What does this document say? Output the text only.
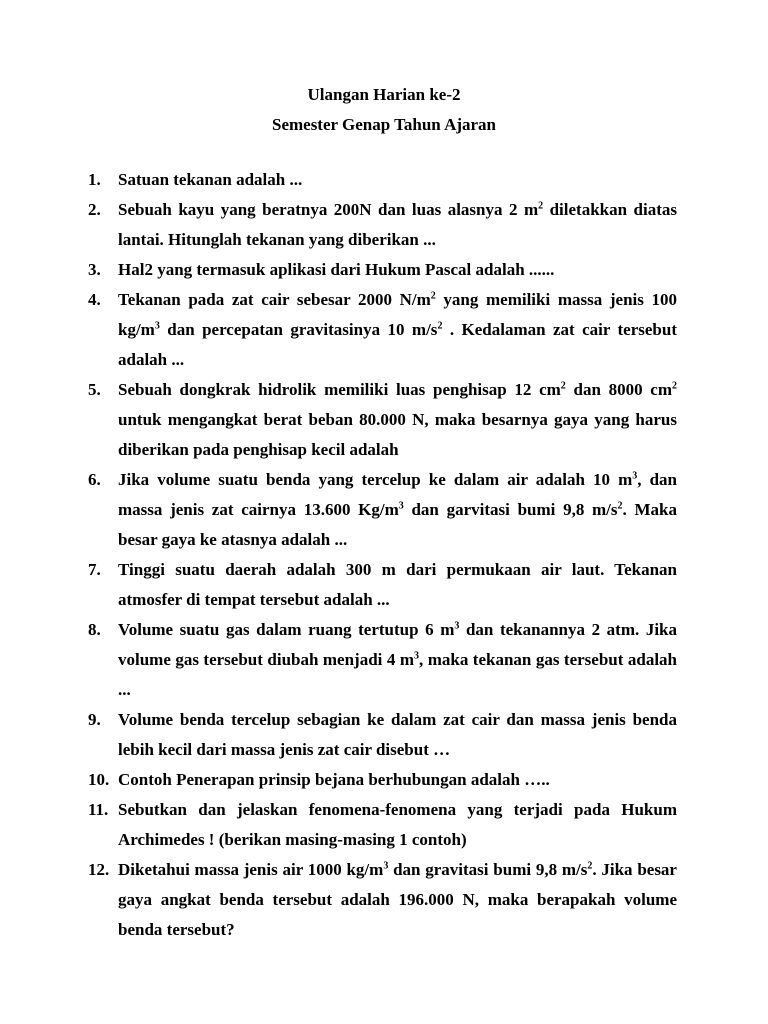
Ulangan Harian ke-2
Semester Genap Tahun Ajaran
1.	Satuan tekanan adalah ...
2.	Sebuah kayu yang beratnya 200N dan luas alasnya 2 $m^2$ diletakkan diatas lantai. Hitunglah tekanan yang diberikan ...
3.	Hal2 yang termasuk aplikasi dari Hukum Pascal adalah ......
4.	Tekanan pada zat cair sebesar 2000 $N/m^2$ yang memiliki massa jenis 100 $kg/m^3$ dan percepatan gravitasinya 10 $m/s^2$ . Kedalaman zat cair tersebut adalah ...
5.	Sebuah dongkrak hidrolik memiliki luas penghisap 12 $cm^2$ dan 8000 $cm^2$ untuk mengangkat berat beban 80.000 N, maka besarnya gaya yang harus diberikan pada penghisap kecil adalah
6.	Jika volume suatu benda yang tercelup ke dalam air adalah 10 $m^3$, dan massa jenis zat cairnya 13.600 $Kg/m^3$ dan garvitasi bumi 9,8 $m/s^2$. Maka besar gaya ke atasnya adalah ...
7.	Tinggi suatu daerah adalah 300 m dari permukaan air laut. Tekanan atmosfer di tempat tersebut adalah ...
8.	Volume suatu gas dalam ruang tertutup 6 $m^3$ dan tekanannya 2 atm. Jika volume gas tersebut diubah menjadi 4 $m^3$, maka tekanan gas tersebut adalah ...
9.	Volume benda tercelup sebagian ke dalam zat cair dan massa jenis benda lebih kecil dari massa jenis zat cair disebut …
10. Contoh Penerapan prinsip bejana berhubungan adalah …..
11. Sebutkan dan jelaskan fenomena-fenomena yang terjadi pada Hukum Archimedes ! (berikan masing-masing 1 contoh)
12. Diketahui massa jenis air 1000 $kg/m^3$ dan gravitasi bumi 9,8 $m/s^2$. Jika besar gaya angkat benda tersebut adalah 196.000 N, maka berapakah volume benda tersebut?
